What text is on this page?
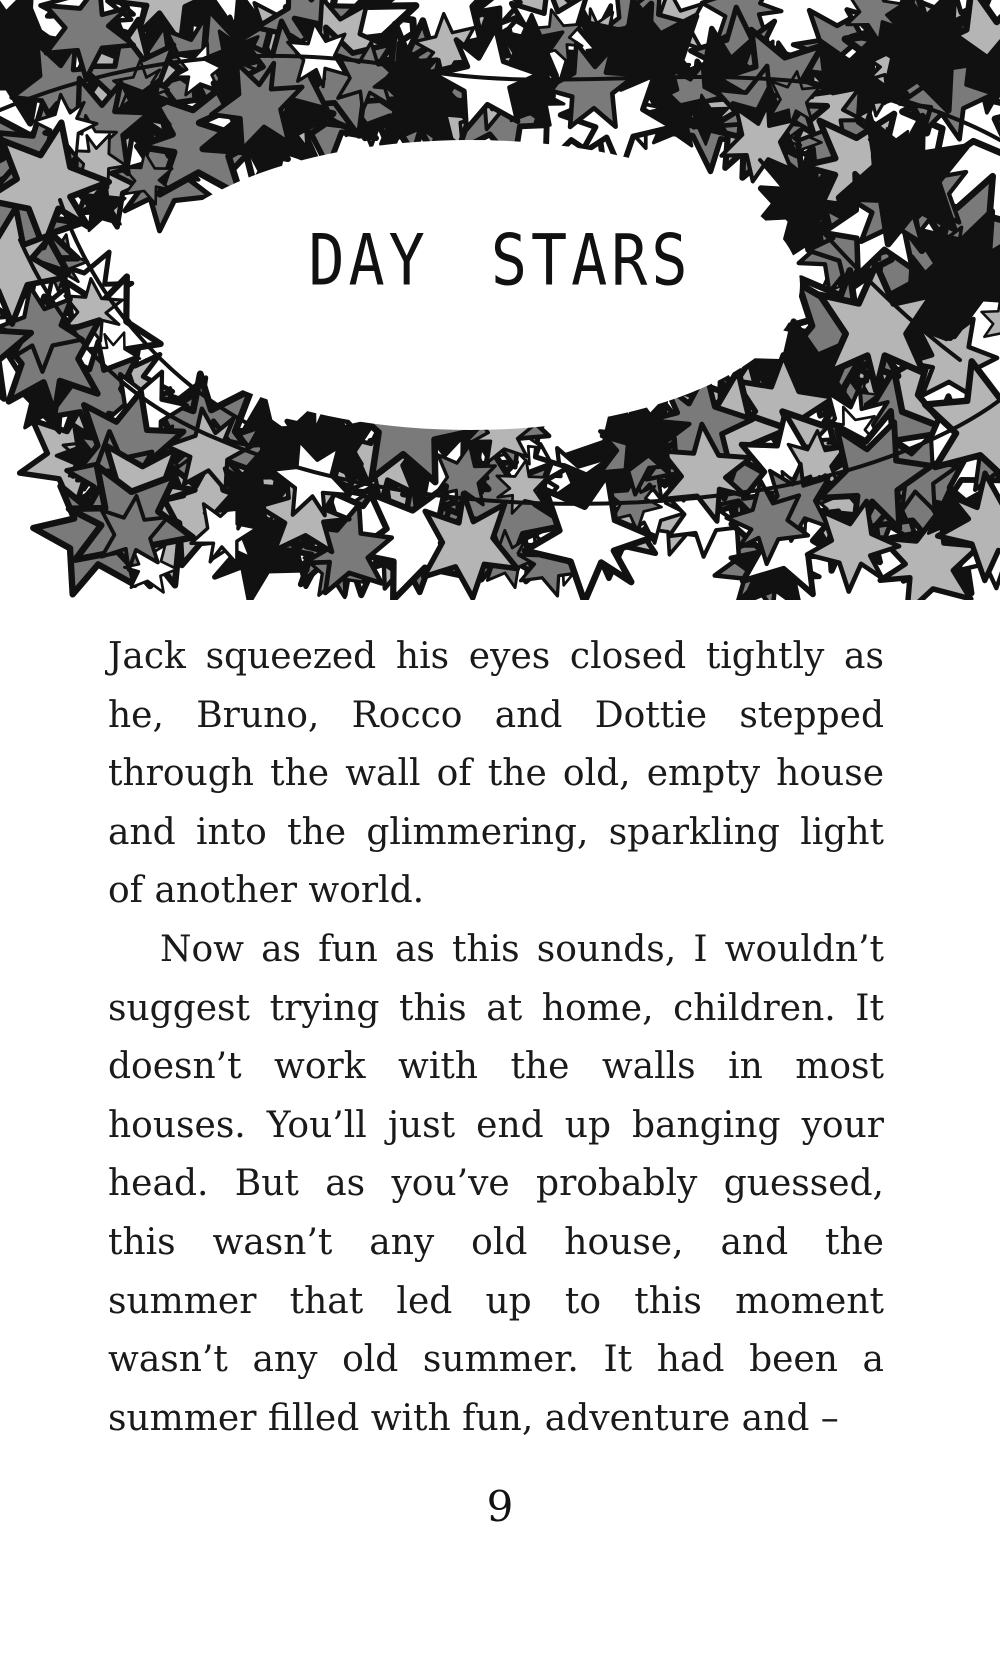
DAY STARS

Jack squeezed his eyes closed tightly as he, Bruno, Rocco and Dottie stepped through the wall of the old, empty house and into the glimmering, sparkling light of another world.

Now as fun as this sounds, I wouldn’t suggest trying this at home, children. It doesn’t work with the walls in most houses. You’ll just end up banging your head. But as you’ve probably guessed, this wasn’t any old house, and the summer that led up to this moment wasn’t any old summer. It had been a summer filled with fun, adventure and –

9
